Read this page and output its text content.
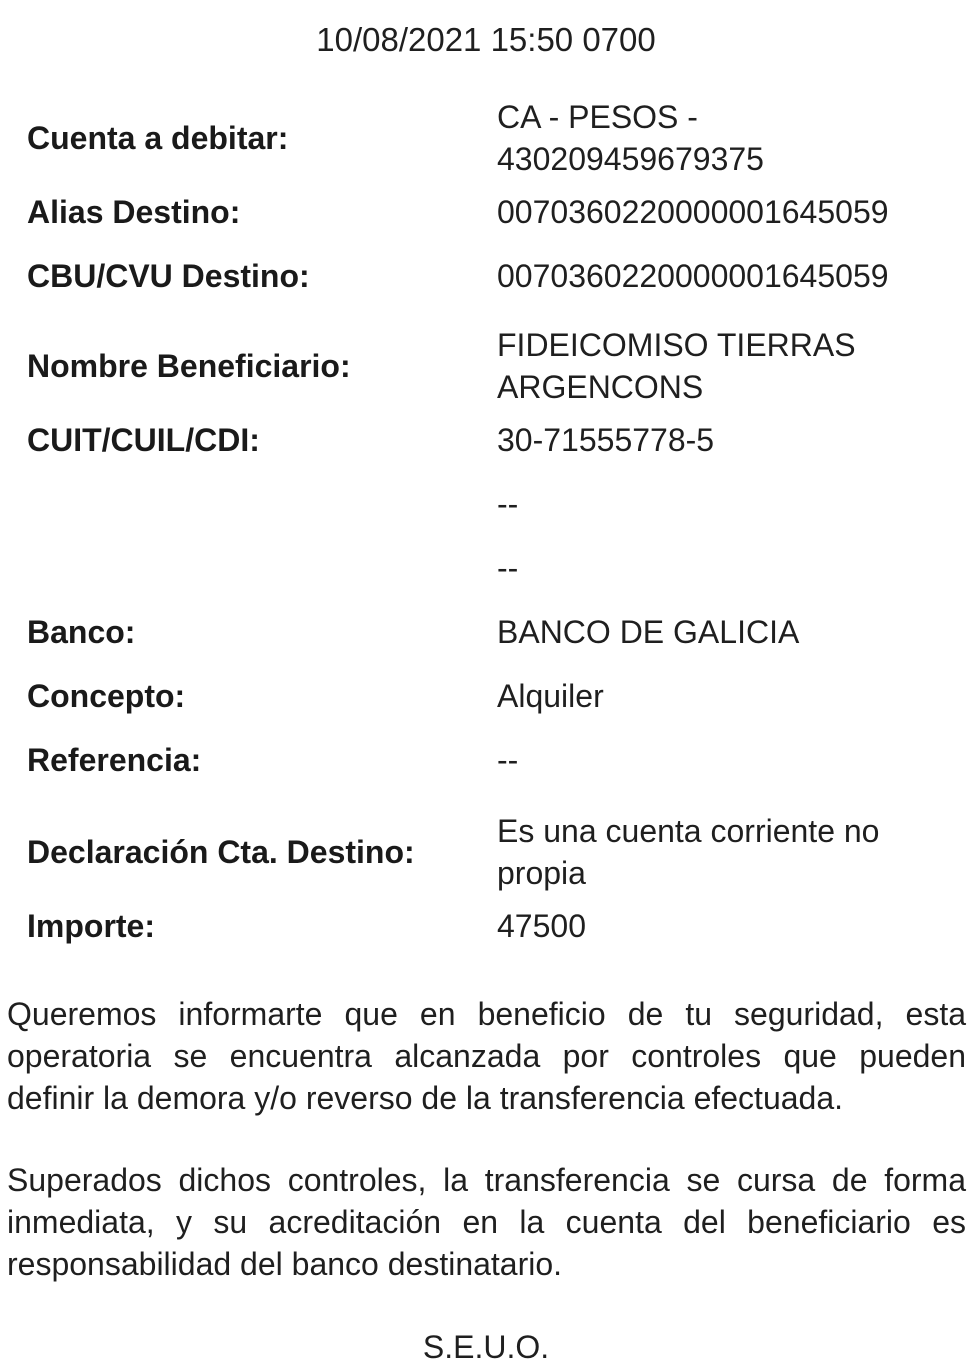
10/08/2021 15:50 0700
Cuenta a debitar:
CA - PESOS - 430209459679375
Alias Destino:	0070360220000001645059
CBU/CVU Destino:	0070360220000001645059
Nombre Beneficiario:
FIDEICOMISO TIERRAS ARGENCONS
CUIT/CUIL/CDI:	30-71555778-5
--
--
Banco:	BANCO DE GALICIA
Concepto:	Alquiler
Referencia:	--
Declaración Cta. Destino:
Es una cuenta corriente no propia
Importe:	47500

Queremos informarte que en beneficio de tu seguridad, esta operatoria se encuentra alcanzada por controles que pueden definir la demora y/o reverso de la transferencia efectuada.

Superados dichos controles, la transferencia se cursa de forma inmediata, y su acreditación en la cuenta del beneficiario es responsabilidad del banco destinatario.

S.E.U.O.
